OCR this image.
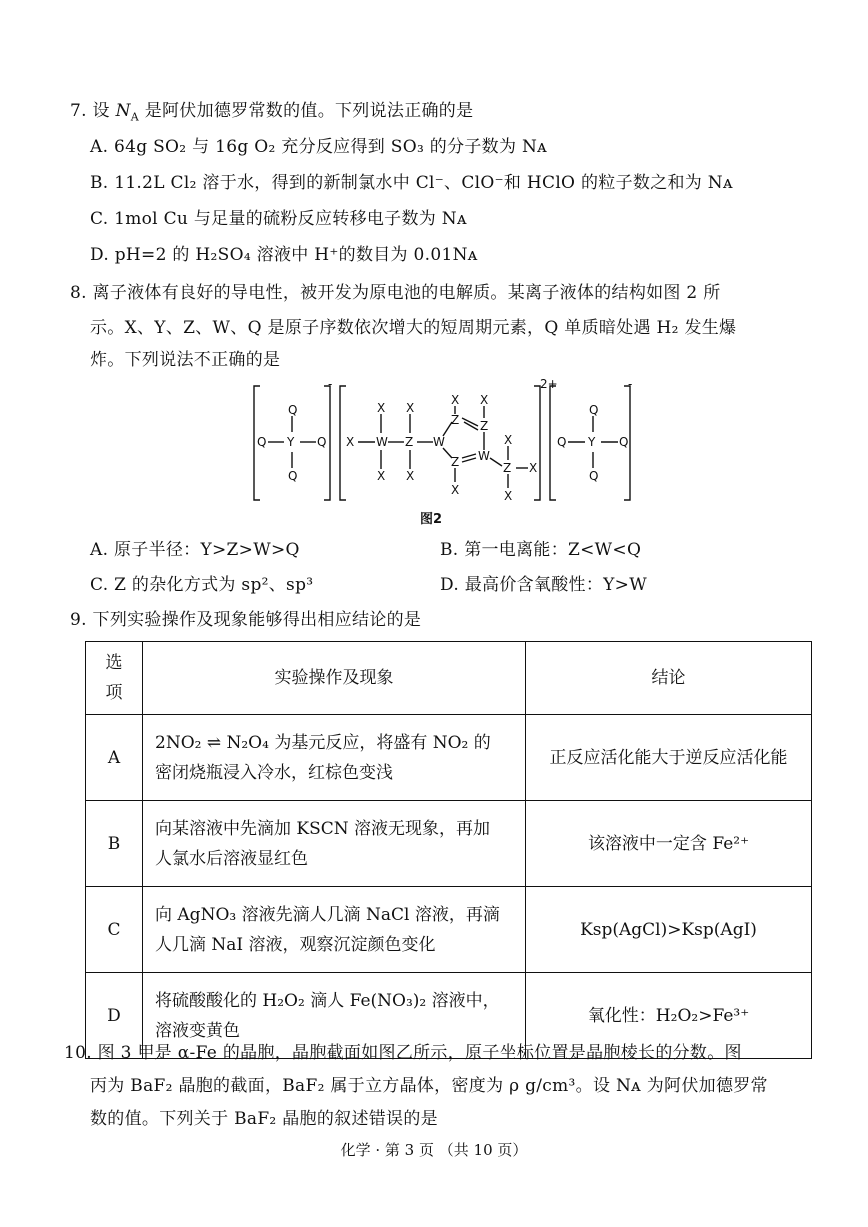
7. 设 $N_A$ 是阿伏加德罗常数的值。下列说法正确的是
A. 64g SO₂ 与 16g O₂ 充分反应得到 SO₃ 的分子数为 Nᴀ
B. 11.2L Cl₂ 溶于水，得到的新制氯水中 Cl⁻、ClO⁻和 HClO 的粒子数之和为 Nᴀ
C. 1mol Cu 与足量的硫粉反应转移电子数为 Nᴀ
D. pH=2 的 H₂SO₄ 溶液中 H⁺的数目为 0.01Nᴀ
8. 离子液体有良好的导电性，被开发为原电池的电解质。某离子液体的结构如图 2 所
示。X、Y、Z、W、Q 是原子序数依次增大的短周期元素，Q 单质暗处遇 H₂ 发生爆
炸。下列说法不正确的是
-	2+	-
Q
Q Y Q
Q
X X
X W Z W
X X
X X
Z Z
Z W
X
X
Z X
X
Q
Q Y Q
Q
图2
A. 原子半径：Y>Z>W>Q	B. 第一电离能：Z<W<Q
C. Z 的杂化方式为 sp²、sp³	D. 最高价含氧酸性：Y>W
9. 下列实验操作及现象能够得出相应结论的是
选项	实验操作及现象	结论
A	2NO₂ ⇌ N₂O₄ 为基元反应，将盛有 NO₂ 的
密闭烧瓶浸入冷水，红棕色变浅	正反应活化能大于逆反应活化能
B	向某溶液中先滴加 KSCN 溶液无现象，再加
人氯水后溶液显红色	该溶液中一定含 Fe²⁺
C	向 AgNO₃ 溶液先滴人几滴 NaCl 溶液，再滴
人几滴 NaI 溶液，观察沉淀颜色变化	Ksp(AgCl)>Ksp(AgI)
D	将硫酸酸化的 H₂O₂ 滴人 Fe(NO₃)₂ 溶液中，
溶液变黄色	氧化性：H₂O₂>Fe³⁺
10. 图 3 甲是 α-Fe 的晶胞，晶胞截面如图乙所示，原子坐标位置是晶胞棱长的分数。图
丙为 BaF₂ 晶胞的截面，BaF₂ 属于立方晶体，密度为 ρ g/cm³。设 Nᴀ 为阿伏加德罗常
数的值。下列关于 BaF₂ 晶胞的叙述错误的是
化学 · 第 3 页 （共 10 页）
